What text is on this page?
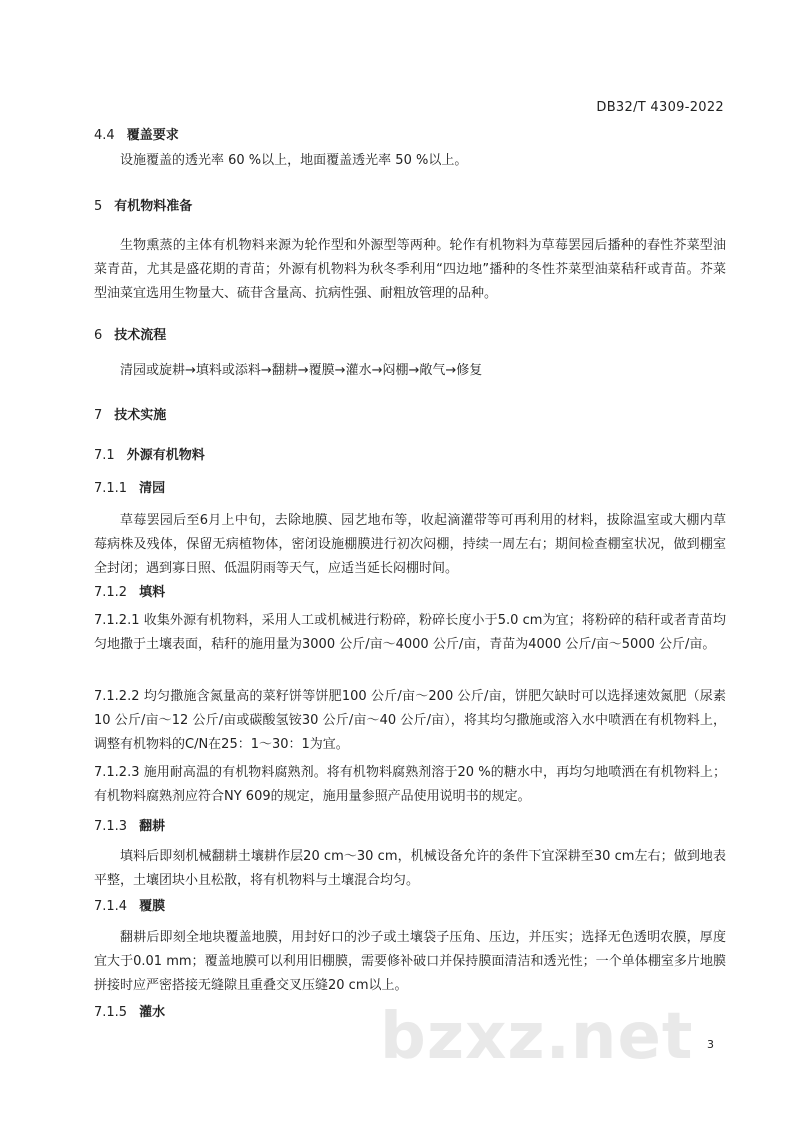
DB32/T 4309-2022
4.4 覆盖要求
设施覆盖的透光率 60 %以上，地面覆盖透光率 50 %以上。
5 有机物料准备
生物熏蒸的主体有机物料来源为轮作型和外源型等两种。轮作有机物料为草莓罢园后播种的春性芥菜型油菜青苗，尤其是盛花期的青苗；外源有机物料为秋冬季利用“四边地”播种的冬性芥菜型油菜秸秆或青苗。芥菜型油菜宜选用生物量大、硫苷含量高、抗病性强、耐粗放管理的品种。
6 技术流程
清园或旋耕→填料或添料→翻耕→覆膜→灌水→闷棚→敞气→修复
7 技术实施
7.1 外源有机物料
7.1.1 清园
草莓罢园后至6月上中旬，去除地膜、园艺地布等，收起滴灌带等可再利用的材料，拔除温室或大棚内草莓病株及残体，保留无病植物体，密闭设施棚膜进行初次闷棚，持续一周左右；期间检查棚室状况，做到棚室全封闭；遇到寡日照、低温阴雨等天气，应适当延长闷棚时间。
7.1.2 填料
7.1.2.1 收集外源有机物料，采用人工或机械进行粉碎，粉碎长度小于5.0 cm为宜；将粉碎的秸秆或者青苗均匀地撒于土壤表面，秸秆的施用量为3000 公斤/亩～4000 公斤/亩，青苗为4000 公斤/亩～5000 公斤/亩。
7.1.2.2 均匀撒施含氮量高的菜籽饼等饼肥100 公斤/亩～200 公斤/亩，饼肥欠缺时可以选择速效氮肥（尿素10 公斤/亩～12 公斤/亩或碳酸氢铵30 公斤/亩～40 公斤/亩），将其均匀撒施或溶入水中喷洒在有机物料上，调整有机物料的C/N在25：1～30：1为宜。
7.1.2.3 施用耐高温的有机物料腐熟剂。将有机物料腐熟剂溶于20 %的糖水中，再均匀地喷洒在有机物料上；有机物料腐熟剂应符合NY 609的规定，施用量参照产品使用说明书的规定。
7.1.3 翻耕
填料后即刻机械翻耕土壤耕作层20 cm～30 cm，机械设备允许的条件下宜深耕至30 cm左右；做到地表平整，土壤团块小且松散，将有机物料与土壤混合均匀。
7.1.4 覆膜
翻耕后即刻全地块覆盖地膜，用封好口的沙子或土壤袋子压角、压边，并压实；选择无色透明农膜，厚度宜大于0.01 mm；覆盖地膜可以利用旧棚膜，需要修补破口并保持膜面清洁和透光性；一个单体棚室多片地膜拼接时应严密搭接无缝隙且重叠交叉压缝20 cm以上。
7.1.5 灌水	bzxz.net 3
